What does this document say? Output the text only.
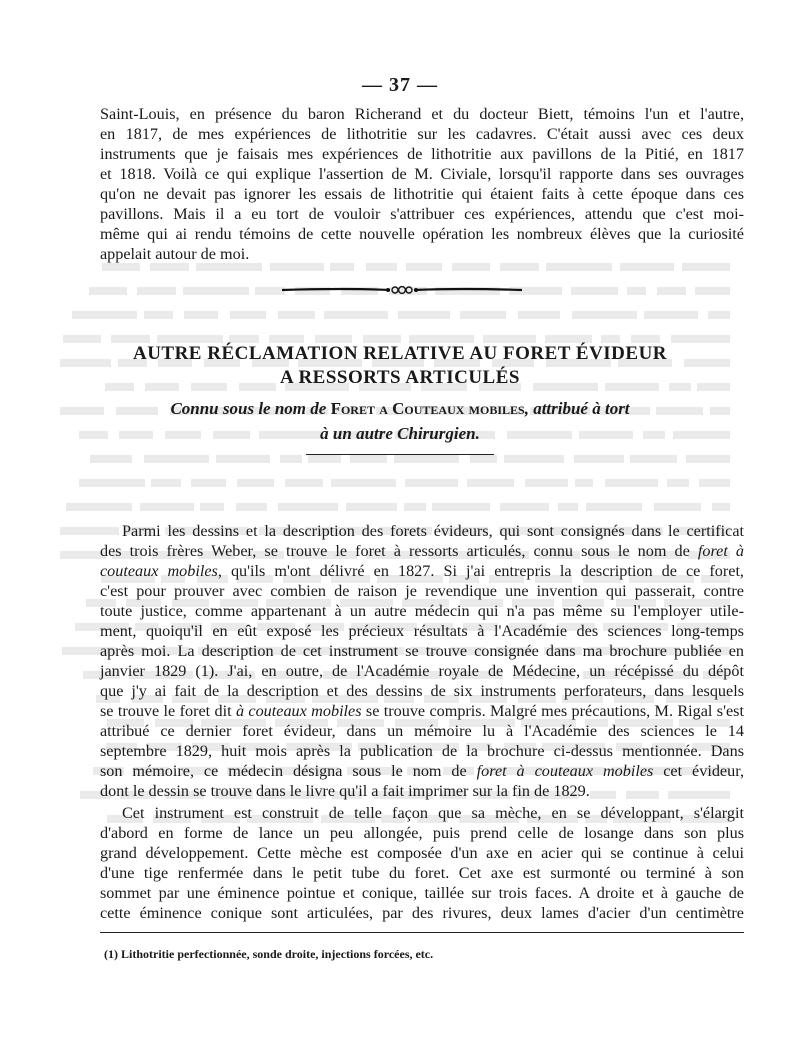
— 37 —
Saint-Louis, en présence du baron Richerand et du docteur Biett, témoins l'un et l'autre,
en 1817, de mes expériences de lithotritie sur les cadavres. C'était aussi avec ces deux
instruments que je faisais mes expériences de lithotritie aux pavillons de la Pitié, en 1817
et 1818. Voilà ce qui explique l'assertion de M. Civiale, lorsqu'il rapporte dans ses ouvrages
qu'on ne devait pas ignorer les essais de lithotritie qui étaient faits à cette époque dans ces
pavillons. Mais il a eu tort de vouloir s'attribuer ces expériences, attendu que c'est moi-
même qui ai rendu témoins de cette nouvelle opération les nombreux élèves que la curiosité
appelait autour de moi.
AUTRE RÉCLAMATION RELATIVE AU FORET ÉVIDEUR
A RESSORTS ARTICULÉS
Connu sous le nom de Foret a Couteaux mobiles, attribué à tort
à un autre Chirurgien.
Parmi les dessins et la description des forets évideurs, qui sont consignés dans le certificat
des trois frères Weber, se trouve le foret à ressorts articulés, connu sous le nom de foret à
couteaux mobiles, qu'ils m'ont délivré en 1827. Si j'ai entrepris la description de ce foret,
c'est pour prouver avec combien de raison je revendique une invention qui passerait, contre
toute justice, comme appartenant à un autre médecin qui n'a pas même su l'employer utile-
ment, quoiqu'il en eût exposé les précieux résultats à l'Académie des sciences long-temps
après moi. La description de cet instrument se trouve consignée dans ma brochure publiée en
janvier 1829 (1). J'ai, en outre, de l'Académie royale de Médecine, un récépissé du dépôt
que j'y ai fait de la description et des dessins de six instruments perforateurs, dans lesquels
se trouve le foret dit à couteaux mobiles se trouve compris. Malgré mes précautions, M. Rigal s'est
attribué ce dernier foret évideur, dans un mémoire lu à l'Académie des sciences le 14
septembre 1829, huit mois après la publication de la brochure ci-dessus mentionnée. Dans
son mémoire, ce médecin désigna sous le nom de foret à couteaux mobiles cet évideur,
dont le dessin se trouve dans le livre qu'il a fait imprimer sur la fin de 1829.
Cet instrument est construit de telle façon que sa mèche, en se développant, s'élargit
d'abord en forme de lance un peu allongée, puis prend celle de losange dans son plus
grand développement. Cette mèche est composée d'un axe en acier qui se continue à celui
d'une tige renfermée dans le petit tube du foret. Cet axe est surmonté ou terminé à son
sommet par une éminence pointue et conique, taillée sur trois faces. A droite et à gauche de
cette éminence conique sont articulées, par des rivures, deux lames d'acier d'un centimètre
(1) Lithotritie perfectionnée, sonde droite, injections forcées, etc.
